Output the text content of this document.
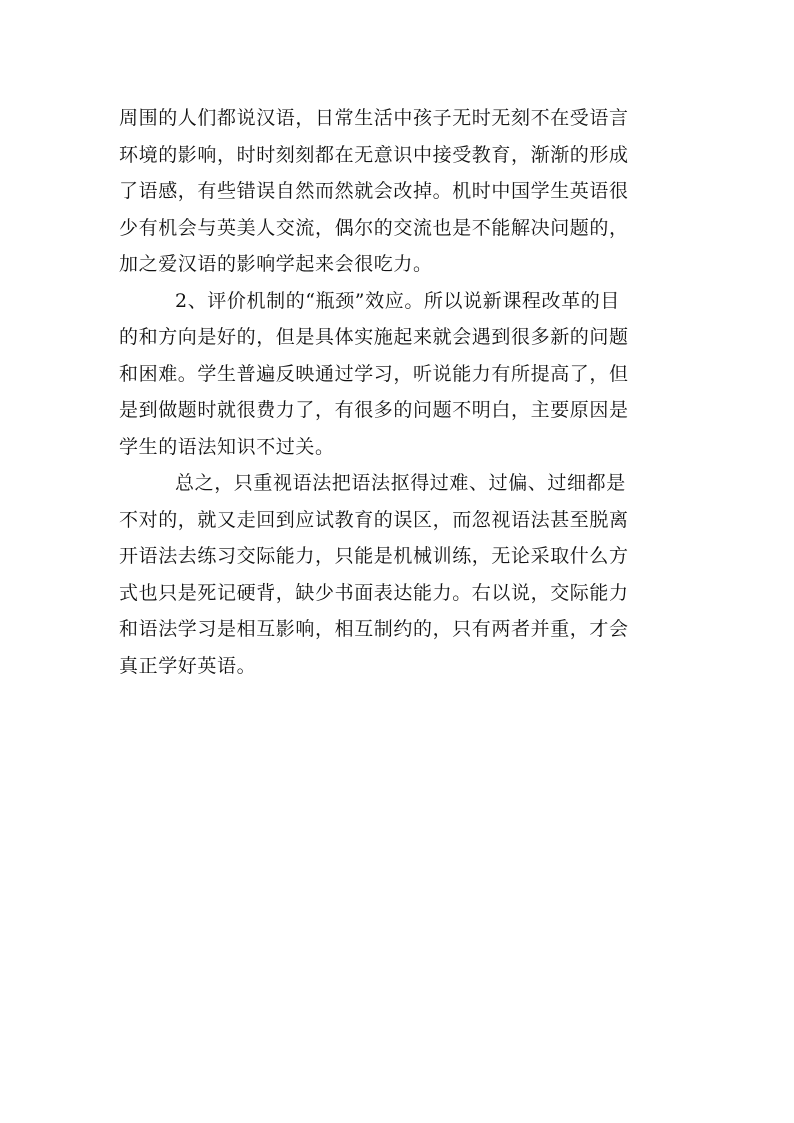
周围的人们都说汉语，日常生活中孩子无时无刻不在受语言
环境的影响，时时刻刻都在无意识中接受教育，渐渐的形成
了语感，有些错误自然而然就会改掉。机时中国学生英语很
少有机会与英美人交流，偶尔的交流也是不能解决问题的，
加之爱汉语的影响学起来会很吃力。
2、评价机制的“瓶颈”效应。所以说新课程改革的目
的和方向是好的，但是具体实施起来就会遇到很多新的问题
和困难。学生普遍反映通过学习，听说能力有所提高了，但
是到做题时就很费力了，有很多的问题不明白，主要原因是
学生的语法知识不过关。
总之，只重视语法把语法抠得过难、过偏、过细都是
不对的，就又走回到应试教育的误区，而忽视语法甚至脱离
开语法去练习交际能力，只能是机械训练，无论采取什么方
式也只是死记硬背，缺少书面表达能力。右以说，交际能力
和语法学习是相互影响，相互制约的，只有两者并重，才会
真正学好英语。
